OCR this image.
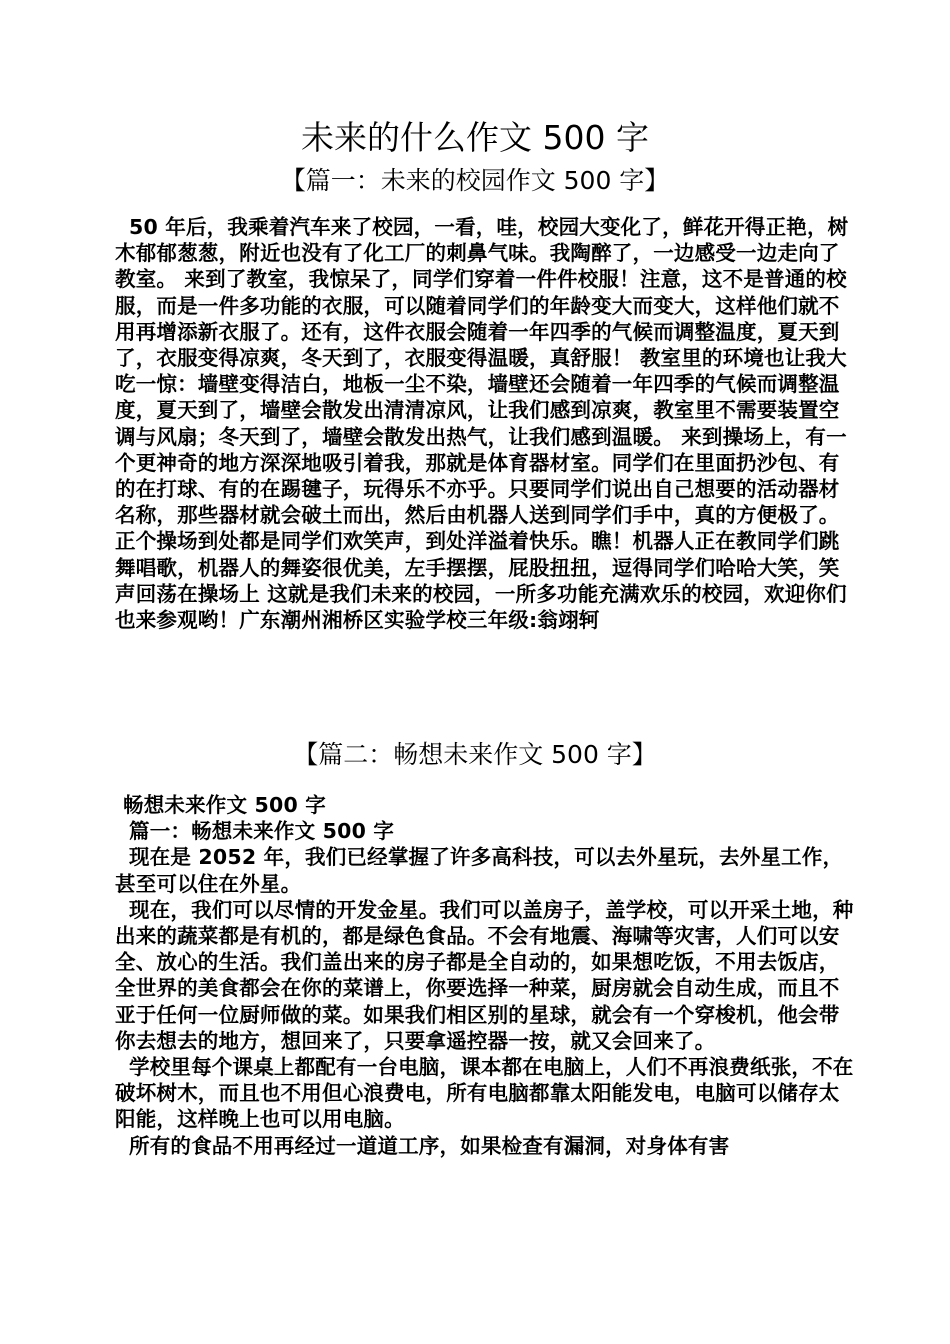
未来的什么作文 500 字
【篇一：未来的校园作文 500 字】

50 年后，我乘着汽车来了校园，一看，哇，校园大变化了，鲜花开得正艳，树木郁郁葱葱，附近也没有了化工厂的刺鼻气味。我陶醉了，一边感受一边走向了教室。 来到了教室，我惊呆了，同学们穿着一件件校服！注意，这不是普通的校服，而是一件多功能的衣服，可以随着同学们的年龄变大而变大，这样他们就不用再增添新衣服了。还有，这件衣服会随着一年四季的气候而调整温度，夏天到了，衣服变得凉爽，冬天到了，衣服变得温暖，真舒服！ 教室里的环境也让我大吃一惊：墙壁变得洁白，地板一尘不染，墙壁还会随着一年四季的气候而调整温度，夏天到了，墙壁会散发出清清凉风，让我们感到凉爽，教室里不需要装置空调与风扇；冬天到了，墙壁会散发出热气，让我们感到温暖。 来到操场上，有一个更神奇的地方深深地吸引着我，那就是体育器材室。同学们在里面扔沙包、有的在打球、有的在踢毽子，玩得乐不亦乎。只要同学们说出自己想要的活动器材名称，那些器材就会破土而出，然后由机器人送到同学们手中，真的方便极了。正个操场到处都是同学们欢笑声，到处洋溢着快乐。瞧！机器人正在教同学们跳舞唱歌，机器人的舞姿很优美，左手摆摆，屁股扭扭，逗得同学们哈哈大笑，笑声回荡在操场上 这就是我们未来的校园，一所多功能充满欢乐的校园，欢迎你们也来参观哟！广东潮州湘桥区实验学校三年级:翁翊轲

【篇二：畅想未来作文 500 字】
畅想未来作文 500 字
篇一：畅想未来作文 500 字
现在是 2052 年，我们已经掌握了许多高科技，可以去外星玩，去外星工作，甚至可以住在外星。
现在，我们可以尽情的开发金星。我们可以盖房子，盖学校，可以开采土地，种出来的蔬菜都是有机的，都是绿色食品。不会有地震、海啸等灾害，人们可以安全、放心的生活。我们盖出来的房子都是全自动的，如果想吃饭，不用去饭店，全世界的美食都会在你的菜谱上，你要选择一种菜，厨房就会自动生成，而且不亚于任何一位厨师做的菜。如果我们相区别的星球，就会有一个穿梭机，他会带你去想去的地方，想回来了，只要拿遥控器一按，就又会回来了。
学校里每个课桌上都配有一台电脑，课本都在电脑上，人们不再浪费纸张，不在破坏树木，而且也不用但心浪费电，所有电脑都靠太阳能发电，电脑可以储存太阳能，这样晚上也可以用电脑。
所有的食品不用再经过一道道工序，如果检查有漏洞，对身体有害
